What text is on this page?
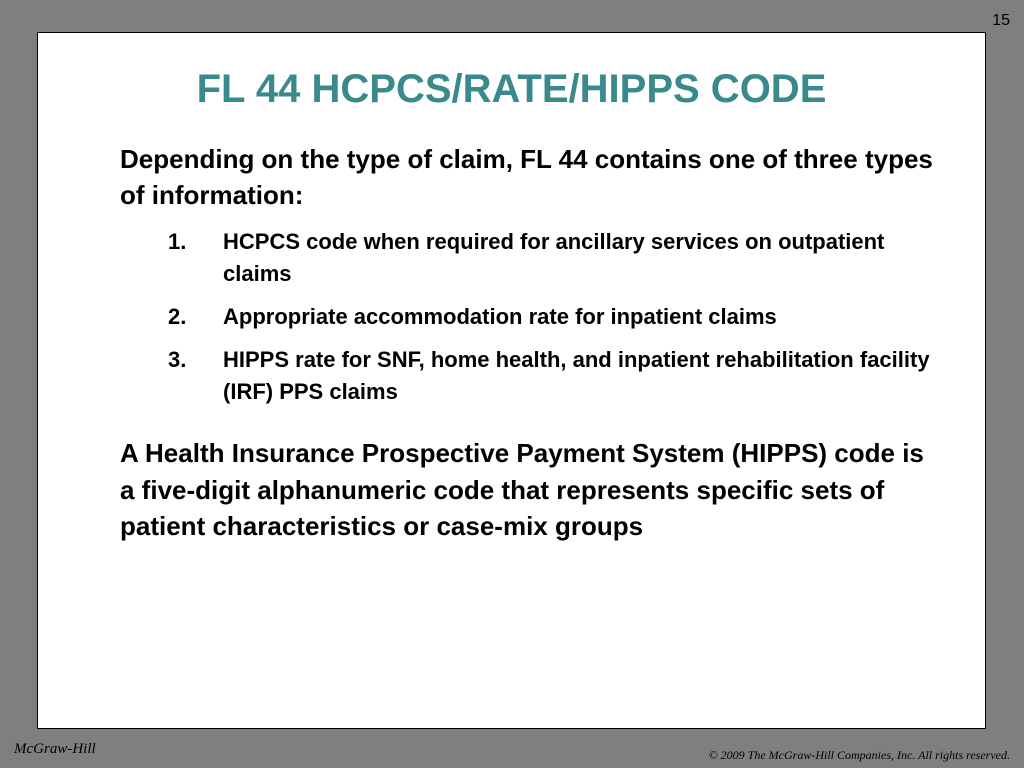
15
FL 44 HCPCS/RATE/HIPPS CODE

Depending on the type of claim, FL 44 contains one of three types of information:

1.	HCPCS code when required for ancillary services on outpatient claims
2.	Appropriate accommodation rate for inpatient claims
3.	HIPPS rate for SNF, home health, and inpatient rehabilitation facility (IRF) PPS claims

A Health Insurance Prospective Payment System (HIPPS) code is a five-digit alphanumeric code that represents specific sets of patient characteristics or case-mix groups

McGraw-Hill	© 2009 The McGraw-Hill Companies, Inc. All rights reserved.
